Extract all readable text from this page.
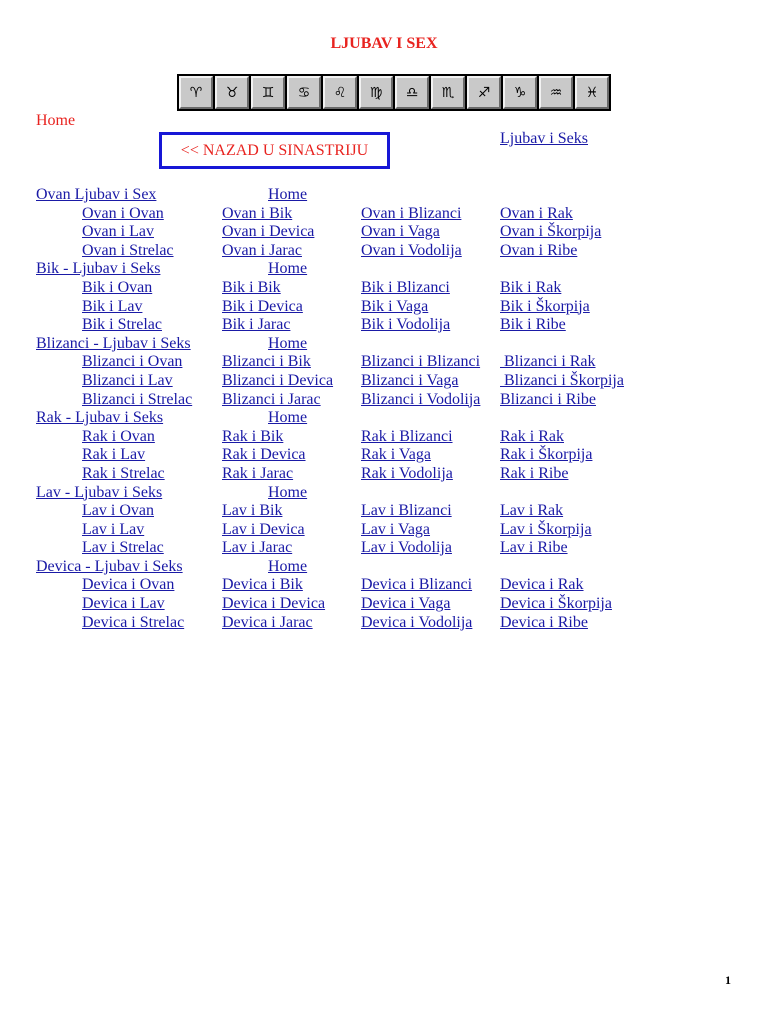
LJUBAV I SEX
♈ ♉ ♊ ♋ ♌ ♍ ♎ ♏ ♐ ♑ ♒ ♓
Home
<< NAZAD U SINASTRIJU
Ljubav i Seks
Ovan Ljubav i Sex	Home
Ovan i Ovan	Ovan i Bik	Ovan i Blizanci	Ovan i Rak
Ovan i Lav	Ovan i Devica	Ovan i Vaga	Ovan i Škorpija
Ovan i Strelac	Ovan i Jarac	Ovan i Vodolija	Ovan i Ribe
Bik - Ljubav i Seks	Home
Bik i Ovan	Bik i Bik	Bik i Blizanci	Bik i Rak
Bik i Lav	Bik i Devica	Bik i Vaga	Bik i Škorpija
Bik i Strelac	Bik i Jarac	Bik i Vodolija	Bik i Ribe
Blizanci - Ljubav i Seks	Home
Blizanci i Ovan	Blizanci i Bik	Blizanci i Blizanci	Blizanci i Rak
Blizanci i Lav	Blizanci i Devica	Blizanci i Vaga	Blizanci i Škorpija
Blizanci i Strelac	Blizanci i Jarac	Blizanci i Vodolija	Blizanci i Ribe
Rak - Ljubav i Seks	Home
Rak i Ovan	Rak i Bik	Rak i Blizanci	Rak i Rak
Rak i Lav	Rak i Devica	Rak i Vaga	Rak i Škorpija
Rak i Strelac	Rak i Jarac	Rak i Vodolija	Rak i Ribe
Lav - Ljubav i Seks	Home
Lav i Ovan	Lav i Bik	Lav i Blizanci	Lav i Rak
Lav i Lav	Lav i Devica	Lav i Vaga	Lav i Škorpija
Lav i Strelac	Lav i Jarac	Lav i Vodolija	Lav i Ribe
Devica - Ljubav i Seks	Home
Devica i Ovan	Devica i Bik	Devica i Blizanci	Devica i Rak
Devica i Lav	Devica i Devica	Devica i Vaga	Devica i Škorpija
Devica i Strelac	Devica i Jarac	Devica i Vodolija	Devica i Ribe
1
